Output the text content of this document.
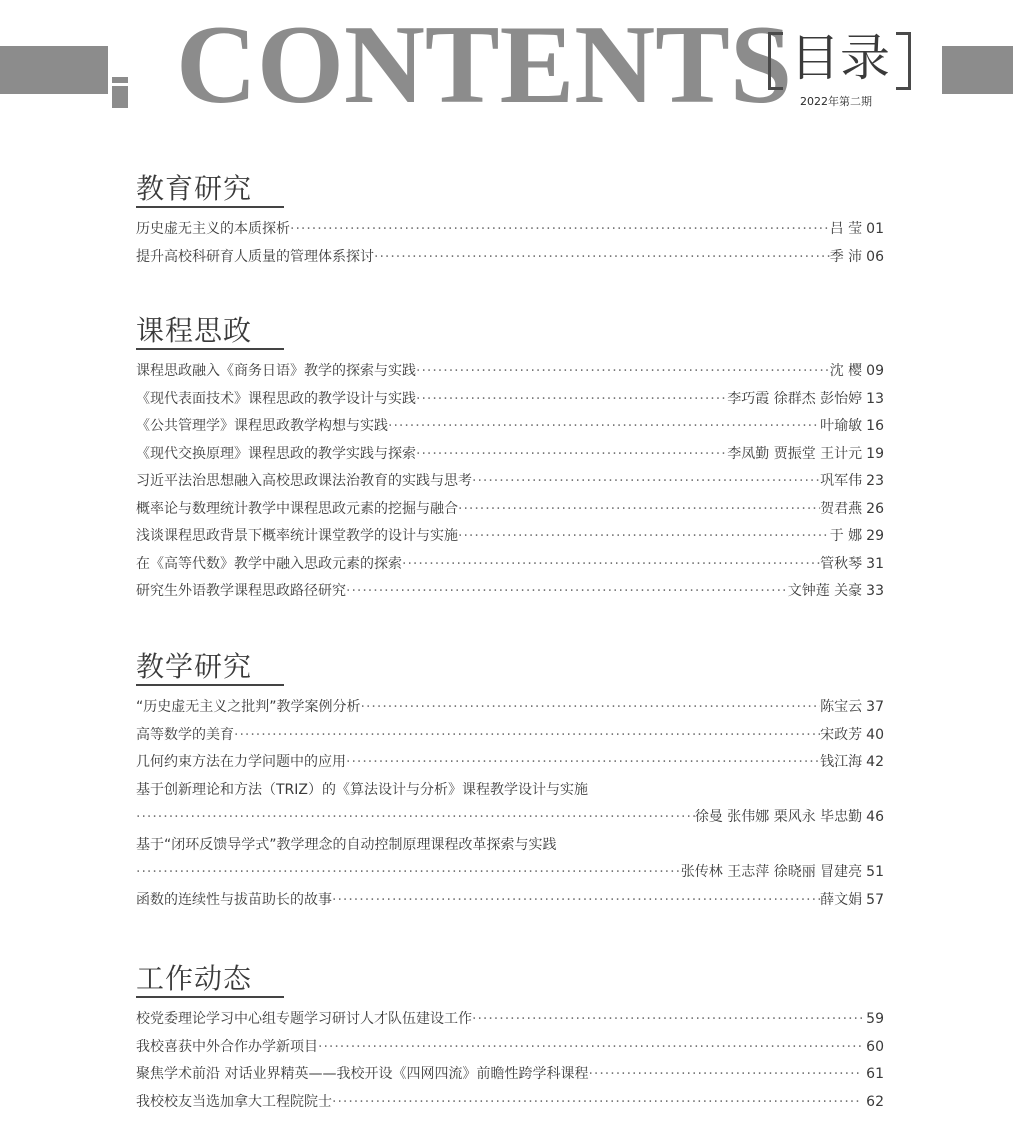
CONTENTS
目录
2022年第二期
教育研究
历史虚无主义的本质探析 ·····	吕 莹 01
提升高校科研育人质量的管理体系探讨 ·····	季 沛 06
课程思政
课程思政融入《商务日语》教学的探索与实践 ·····	沈 樱 09
《现代表面技术》课程思政的教学设计与实践 ·····	李巧霞 徐群杰 彭怡婷 13
《公共管理学》课程思政教学构想与实践 ·····	叶瑜敏 16
《现代交换原理》课程思政的教学实践与探索 ·····	李凤勤 贾振堂 王计元 19
习近平法治思想融入高校思政课法治教育的实践与思考 ·····	巩军伟 23
概率论与数理统计教学中课程思政元素的挖掘与融合 ·····	贺君燕 26
浅谈课程思政背景下概率统计课堂教学的设计与实施 ·····	于 娜 29
在《高等代数》教学中融入思政元素的探索 ·····	管秋琴 31
研究生外语教学课程思政路径研究 ·····	文钟莲 关豪 33
教学研究
“历史虚无主义之批判”教学案例分析 ·····	陈宝云 37
高等数学的美育 ·····	宋政芳 40
几何约束方法在力学问题中的应用 ·····	钱江海 42
基于创新理论和方法（TRIZ）的《算法设计与分析》课程教学设计与实施
·····
徐曼 张伟娜 栗风永 毕忠勤 46
基于“闭环反馈导学式”教学理念的自动控制原理课程改革探索与实践
·····
张传林 王志萍 徐晓丽 冒建亮 51
函数的连续性与拔苗助长的故事 ·····	薛文娟 57
工作动态
校党委理论学习中心组专题学习研讨人才队伍建设工作 ·····	59
我校喜获中外合作办学新项目 ·····	60
聚焦学术前沿 对话业界精英——我校开设《四网四流》前瞻性跨学科课程 ·····	61
我校校友当选加拿大工程院院士 ·····	62
